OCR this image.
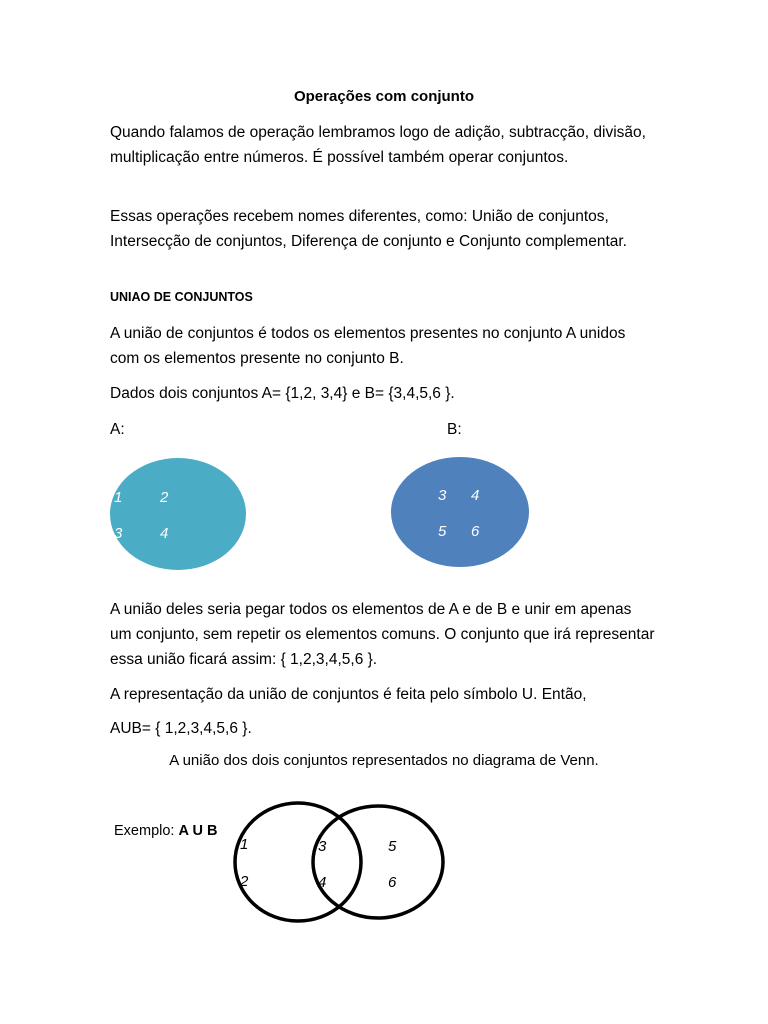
Operações com conjunto
Quando falamos de operação lembramos logo de adição, subtracção, divisão, multiplicação entre números. É possível também operar conjuntos.
Essas operações recebem nomes diferentes, como: União de conjuntos, Intersecção de conjuntos, Diferença de conjunto e Conjunto complementar.
UNIAO DE CONJUNTOS
A união de conjuntos é todos os elementos presentes no conjunto A unidos com os elementos presente no conjunto B.
Dados dois conjuntos A= {1,2, 3,4} e B= {3,4,5,6 }.
A:	B:
1	2
3	4
3 4
5 6
1
2
3
4
5
6
A união deles seria pegar todos os elementos de A e de B e unir em apenas um conjunto, sem repetir os elementos comuns. O conjunto que irá representar essa união ficará assim: { 1,2,3,4,5,6 }.
A representação da união de conjuntos é feita pelo símbolo U. Então,
AUB= { 1,2,3,4,5,6 }.
A união dos dois conjuntos representados no diagrama de Venn.
Exemplo: A U B
